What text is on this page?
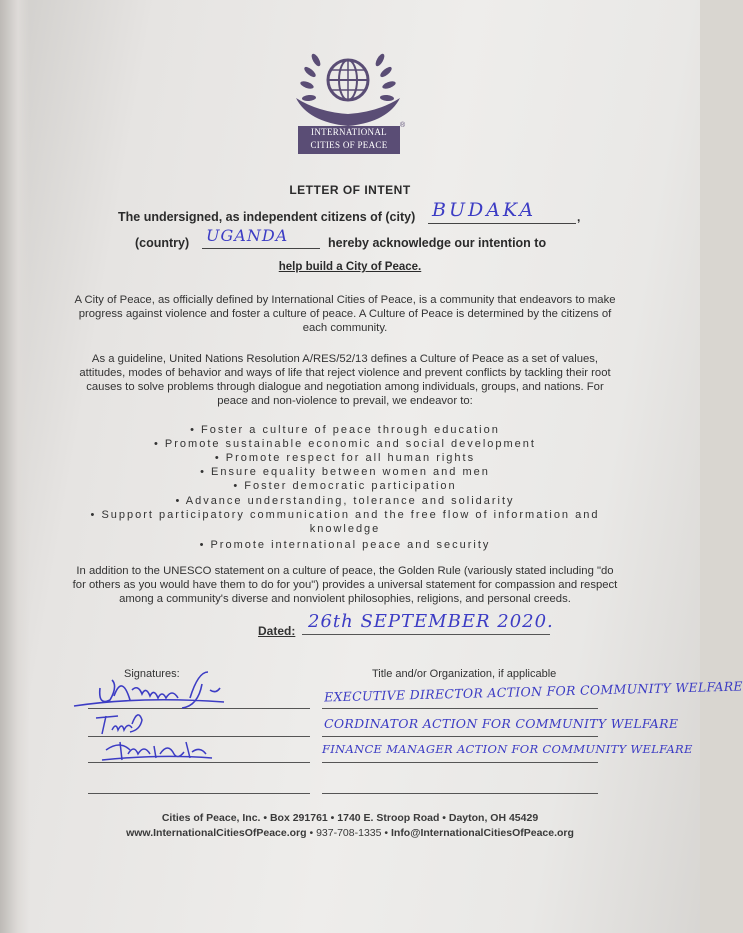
INTERNATIONAL
CITIES OF PEACE
®
LETTER OF INTENT
The undersigned, as independent citizens of (city) BUDAKA	,
(country) UGANDA	hereby acknowledge our intention to
help build a City of Peace.
A City of Peace, as officially defined by International Cities of Peace, is a community that endeavors to make progress against violence and foster a culture of peace. A Culture of Peace is determined by the citizens of each community.
As a guideline, United Nations Resolution A/RES/52/13 defines a Culture of Peace as a set of values, attitudes, modes of behavior and ways of life that reject violence and prevent conflicts by tackling their root causes to solve problems through dialogue and negotiation among individuals, groups, and nations. For peace and non-violence to prevail, we endeavor to:
• Foster a culture of peace through education
• Promote sustainable economic and social development
• Promote respect for all human rights
• Ensure equality between women and men
• Foster democratic participation
• Advance understanding, tolerance and solidarity
• Support participatory communication and the free flow of information and knowledge
• Promote international peace and security
In addition to the UNESCO statement on a culture of peace, the Golden Rule (variously stated including "do for others as you would have them to do for you") provides a universal statement for compassion and respect among a community's diverse and nonviolent philosophies, religions, and personal creeds.
Dated: 26th SEPTEMBER 2020.
Signatures:	Title and/or Organization, if applicable
EXECUTIVE DIRECTOR ACTION FOR COMMUNITY WELFARE
CORDINATOR ACTION FOR COMMUNITY WELFARE
FINANCE MANAGER ACTION FOR COMMUNITY WELFARE
Cities of Peace, Inc. • Box 291761 • 1740 E. Stroop Road • Dayton, OH 45429
www.InternationalCitiesOfPeace.org • 937-708-1335 • Info@InternationalCitiesOfPeace.org
